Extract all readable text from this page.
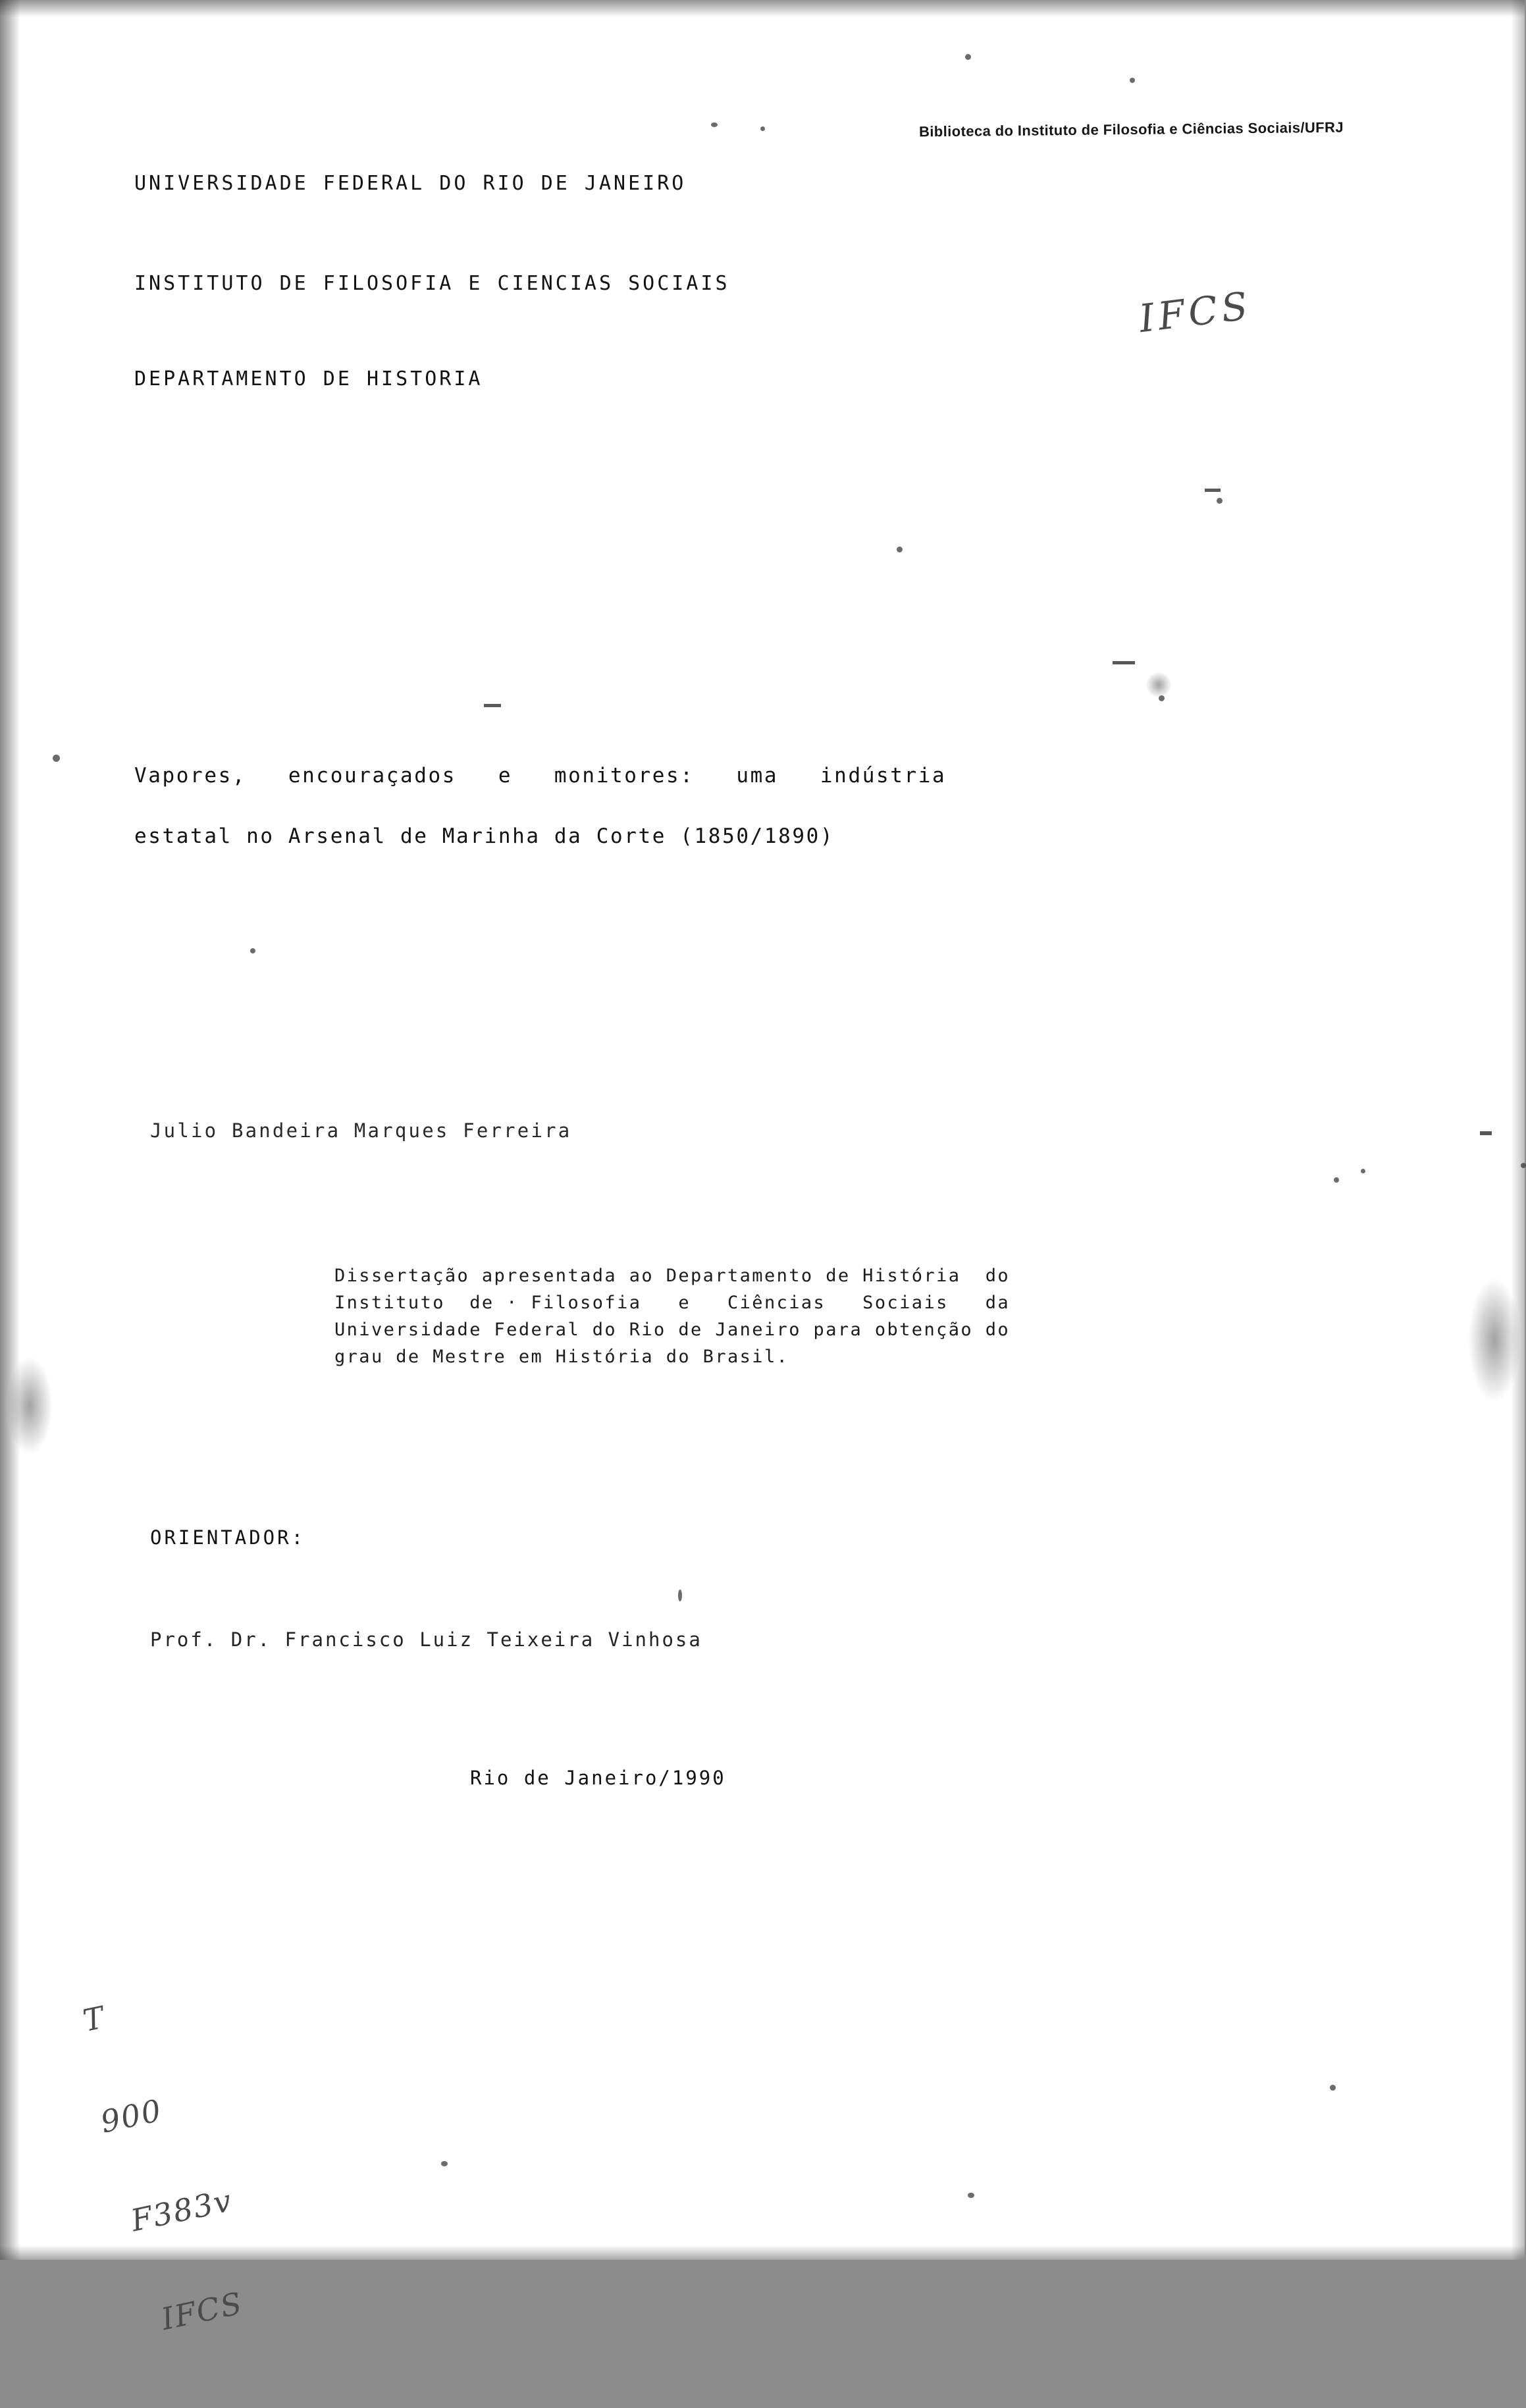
Biblioteca do Instituto de Filosofia e Ciências Sociais/UFRJ
UNIVERSIDADE FEDERAL DO RIO DE JANEIRO
INSTITUTO DE FILOSOFIA E CIENCIAS SOCIAIS
DEPARTAMENTO DE HISTORIA
IFCS
Vapores,   encouraçados   e   monitores:   uma   indústria
estatal no Arsenal de Marinha da Corte (1850/1890)
Julio Bandeira Marques Ferreira
Dissertação apresentada ao Departamento de História  do
Instituto  de · Filosofia   e   Ciências   Sociais   da
Universidade Federal do Rio de Janeiro para obtenção do
grau de Mestre em História do Brasil.
ORIENTADOR:
Prof. Dr. Francisco Luiz Teixeira Vinhosa
Rio de Janeiro/1990

T

900

F383v

IFCS
